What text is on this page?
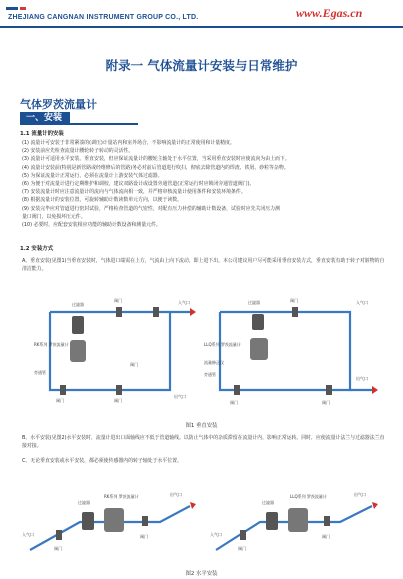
ZHEJIANG CANGNAN INSTRUMENT GROUP CO., LTD.	www.Egas.cn
附录一 气体流量计安装与日常维护
气体罗茨流量计
一、安装
1.1 流量计的安装
(1) 流量计可安装于非常紧凑的(调压)计量站内和室外场合，不影响流量计的正常使用和计量精度。
(2) 安装前应先检查流量计腰轮转子转动的灵活性。
(3) 流量计可适用水平安装、垂直安装，但应保证流量计的腰轮主轴处于水平位置，当采用垂直安装时应使流向为由上而下。
(4) 流量计安装前(特别是新管路或经维修后的管路)务必对前后管道进行吹扫，彻底去除管道内的焊渣、铁屑、砂粒等杂物。
(5) 为保证流量计正常运行，必须在流量计上游安装气体过滤器。
(6) 为便于对流量计进行定期维护和调校，建议双路设计或设置旁通管道(正常运行时应锁闭旁通管道阀门)。
(7) 安装流量计时应注意流量计的流向与气体流向相一致，并严格审核流量计使用条件和安装环境条件。
(8) 根据流量计的安装位置，可旋转辅助计数读数单元方向，以便于读数。
(9) 安装完毕应对管道进行密封试验，严格检查管道的气密性，对配有压力补偿的辅助计数设备，试验时应先关闭压力测
量口阀门，以免损坏压元件。
(10) 必要时，应配套安装相应功能的辅助计数设备和测量元件。
1.2 安装方式
A、垂直安装(见图1)当垂直安装时，气体进口端需在上方，气流由上向下流动，即上进下出。本公司建议用户尽可能采用垂直安装方式，垂直安装有助于转子对脏物的自清洁能力。
过滤器
阀门
RK系列 罗茨流量计
旁通管
阀门	阀门
阀门
入气口
出气口
过滤器	阀门
LLQ系列 罗茨流量计
流量修正仪
旁通管
阀门	阀门
入气口
出气口
图1 垂直安装
B、水平安装(见图2)水平安装时，流量计进出口面轴线应不低于管道轴线。以防止气体中的杂质滞留在流量计内，影响正常运转。同时，应使流量计法兰与过滤器法兰直接对接。
C、无论垂直安装或水平安装，都必须使传感器内的转子轴处于水平位置。
过滤器
RK系列 罗茨流量计
入气口
阀门
阀门
出气口
过滤器
LLQ系列 罗茨流量计
入气口
阀门
阀门
出气口
图2 水平安装
